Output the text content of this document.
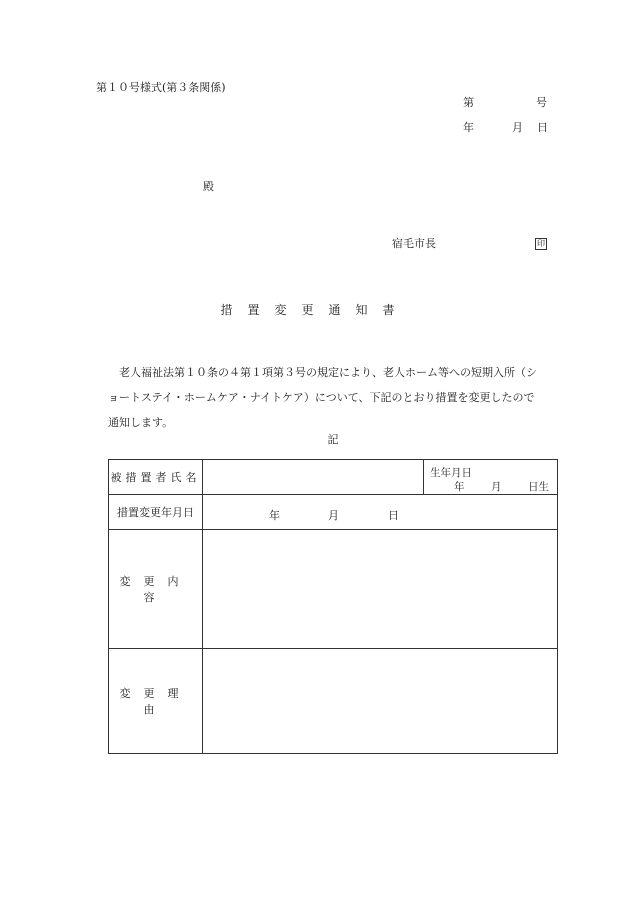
第１０号様式(第３条関係)
第	号
年	月 日
殿
宿毛市長	印
措置変更通知書

　老人福祉法第１０条の４第１項第３号の規定により、老人ホーム等への短期入所（シ

ョートステイ・ホームケア・ナイトケア）について、下記のとおり措置を変更したので

通知します。

記
被措置者氏名		生年月日
年 月 日生

措置変更年月日	年 月 日	

変更内容		
変更理由		
